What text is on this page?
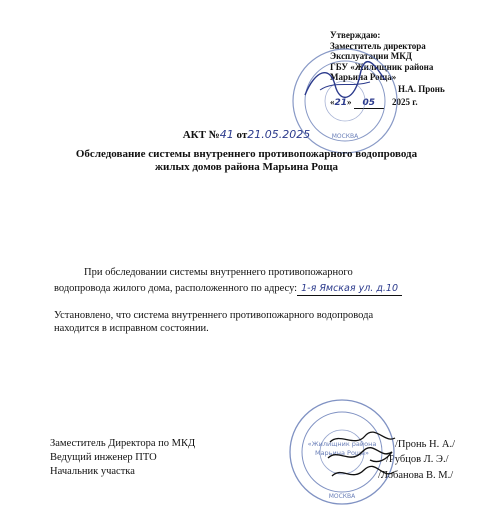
Утверждаю:
Заместитель директора
Эксплуатации МКД
ГБУ «Жилищник района
Марьина Роща»
Н.А. Пронь
«21» 05 2025 г.
МОСКВА
АКТ №41 от21.05.2025
Обследование системы внутреннего противопожарного водопровода
жилых домов района Марьина Роща
При обследовании системы внутреннего противопожарного
водопровода жилого дома, расположенного по адресу: 1-я Ямская ул. д.10
Установлено, что система внутреннего противопожарного водопровода
находится в исправном состоянии.
Заместитель Директора по МКД
Ведущий инженер ПТО
Начальник участка
/Пронь Н. А./
/Рубцов Л. Э./
/Лобанова В. М./
«Жилищник района
Марьина Роща»
МОСКВА
